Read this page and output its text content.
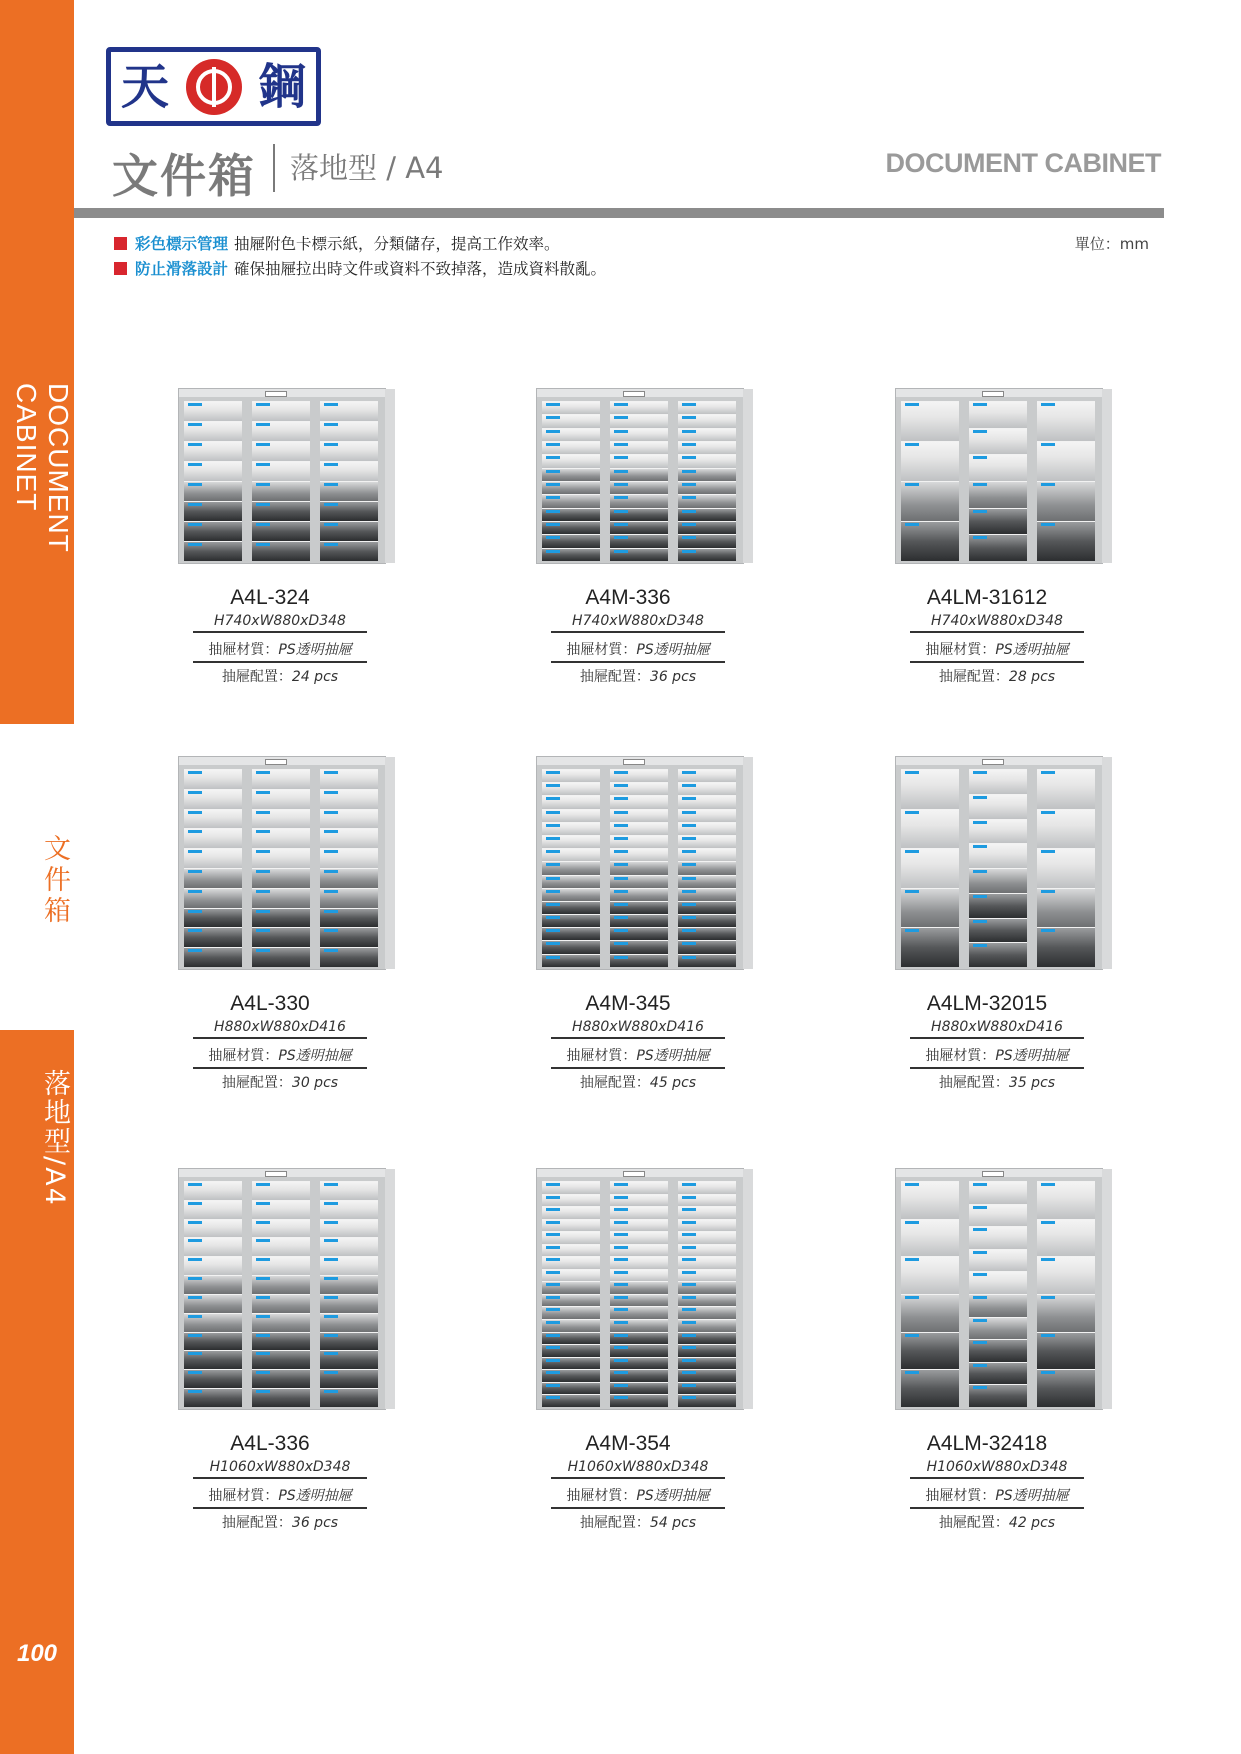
DOCUMENT CABINET
文件箱
落地型/A4
100
天 鋼
文件箱 落地型 / A4	DOCUMENT CABINET
彩色標示管理 抽屜附色卡標示紙，分類儲存，提高工作效率。
防止滑落設計 確保抽屜拉出時文件或資料不致掉落，造成資料散亂。
單位：mm
A4L-324
H740xW880xD348
抽屜材質：PS透明抽屜
抽屜配置：24 pcs
A4M-336
H740xW880xD348
抽屜材質：PS透明抽屜
抽屜配置：36 pcs
A4LM-31612
H740xW880xD348
抽屜材質：PS透明抽屜
抽屜配置：28 pcs
A4L-330
H880xW880xD416
抽屜材質：PS透明抽屜
抽屜配置：30 pcs
A4M-345
H880xW880xD416
抽屜材質：PS透明抽屜
抽屜配置：45 pcs
A4LM-32015
H880xW880xD416
抽屜材質：PS透明抽屜
抽屜配置：35 pcs
A4L-336
H1060xW880xD348
抽屜材質：PS透明抽屜
抽屜配置：36 pcs
A4M-354
H1060xW880xD348
抽屜材質：PS透明抽屜
抽屜配置：54 pcs
A4LM-32418
H1060xW880xD348
抽屜材質：PS透明抽屜
抽屜配置：42 pcs
